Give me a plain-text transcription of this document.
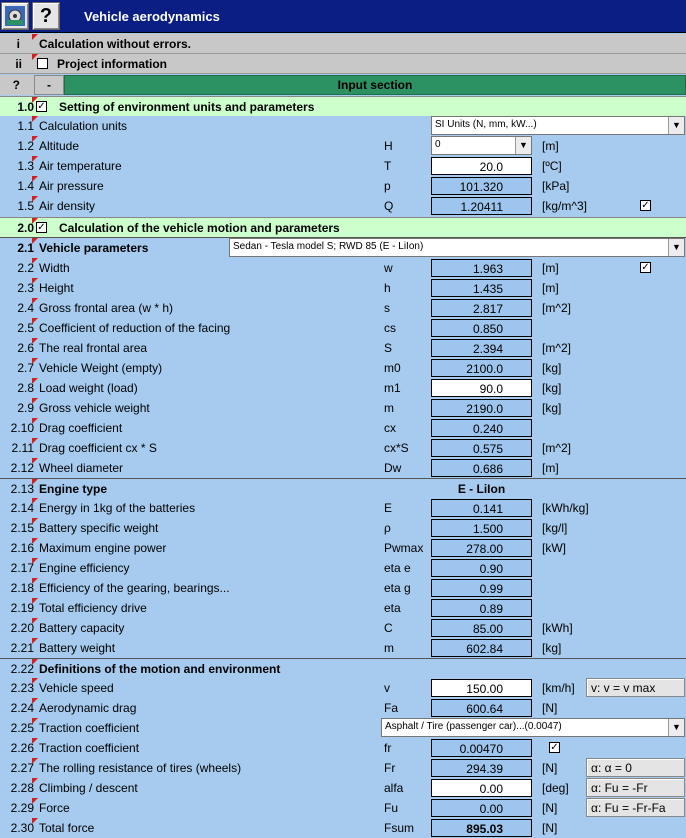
?	Vehicle aerodynamics
i Calculation without errors.
ii	Project information
?	-	Input section
1.0 ✓ Setting of environment units and parameters
1.1 Calculation units	SI Units (N, mm, kW...)	▼
1.2 Altitude	H	0	▼ [m]
1.3 Air temperature	T	20.0	[ºC]
1.4 Air pressure	p	101.320	[kPa]
1.5 Air density	Q	1.20411	[kg/m^3]	✓
2.0 ✓ Calculation of the vehicle motion and parameters
2.1 Vehicle parameters	Sedan - Tesla model S; RWD 85 (E - LiIon)	▼
2.2 Width	w	1.963	[m]	✓
2.3 Height	h	1.435	[m]
2.4 Gross frontal area (w * h)	s	2.817	[m^2]
2.5 Coefficient of reduction of the facing	cs	0.850
2.6 The real frontal area	S	2.394	[m^2]
2.7 Vehicle Weight (empty)	m0	2100.0	[kg]
2.8 Load weight (load)	m1	90.0	[kg]
2.9 Gross vehicle weight	m	2190.0	[kg]
2.10 Drag coefficient	cx	0.240
2.11 Drag coefficient cx * S	cx*S	0.575	[m^2]
2.12 Wheel diameter	Dw	0.686	[m]
2.13 Engine type	E - LiIon
2.14 Energy in 1kg of the batteries	E	0.141	[kWh/kg]
2.15 Battery specific weight	ρ	1.500	[kg/l]
2.16 Maximum engine power	Pwmax	278.00	[kW]
2.17 Engine efficiency	eta e	0.90
2.18 Efficiency of the gearing, bearings...	eta g	0.99
2.19 Total efficiency drive	eta	0.89
2.20 Battery capacity	C	85.00	[kWh]
2.21 Battery weight	m	602.84	[kg]
2.22 Definitions of the motion and environment
2.23 Vehicle speed	v	150.00	[km/h]	v: v = v max
2.24 Aerodynamic drag	Fa	600.64	[N]
2.25 Traction coefficient	Asphalt / Tire (passenger car)...(0.0047)	▼
2.26 Traction coefficient	fr	0.00470	✓
2.27 The rolling resistance of tires (wheels)	Fr	294.39	[N]	α: α = 0
2.28 Climbing / descent	alfa	0.00	[deg]	α: Fu = -Fr
2.29 Force	Fu	0.00	[N]	α: Fu = -Fr-Fa
2.30 Total force	Fsum	895.03	[N]
